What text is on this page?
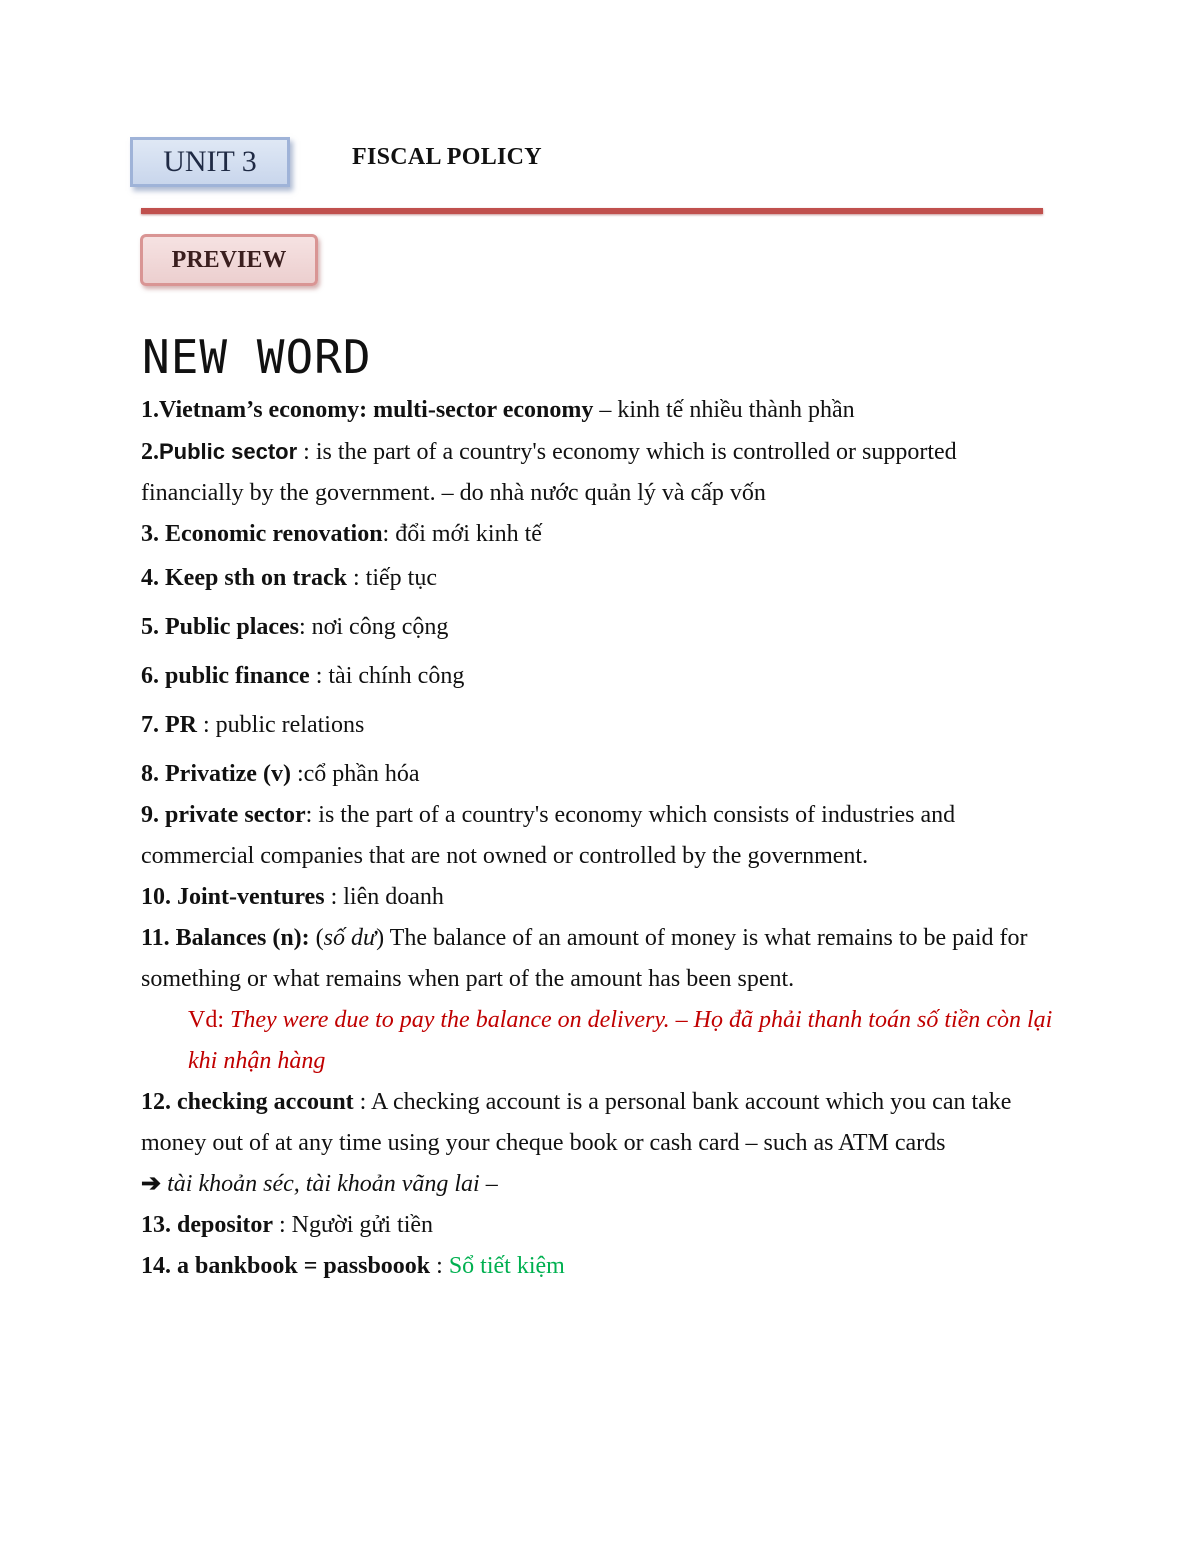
UNIT 3	FISCAL POLICY
PREVIEW
NEW WORD

1.Vietnam’s economy: multi-sector economy – kinh tế nhiều thành phần

2.Public sector : is the part of a country's economy which is controlled or supported financially by the government. – do nhà nước quản lý và cấp vốn

3. Economic renovation: đổi mới kinh tế

4. Keep sth on track : tiếp tục

5. Public places: nơi công cộng

6. public finance : tài chính công

7. PR : public relations

8. Privatize (v) :cổ phần hóa

9. private sector: is the part of a country's economy which consists of industries and commercial companies that are not owned or controlled by the government.

10. Joint-ventures : liên doanh

11. Balances (n): (số dư) The balance of an amount of money is what remains to be paid for something or what remains when part of the amount has been spent.

Vd: They were due to pay the balance on delivery. – Họ đã phải thanh toán số tiền còn lại khi nhận hàng

12. checking account : A checking account is a personal bank account which you can take money out of at any time using your cheque book or cash card – such as ATM cards

➔ tài khoản séc, tài khoản vãng lai –

13. depositor : Người gửi tiền

14. a bankbook = passboook : Sổ tiết kiệm
